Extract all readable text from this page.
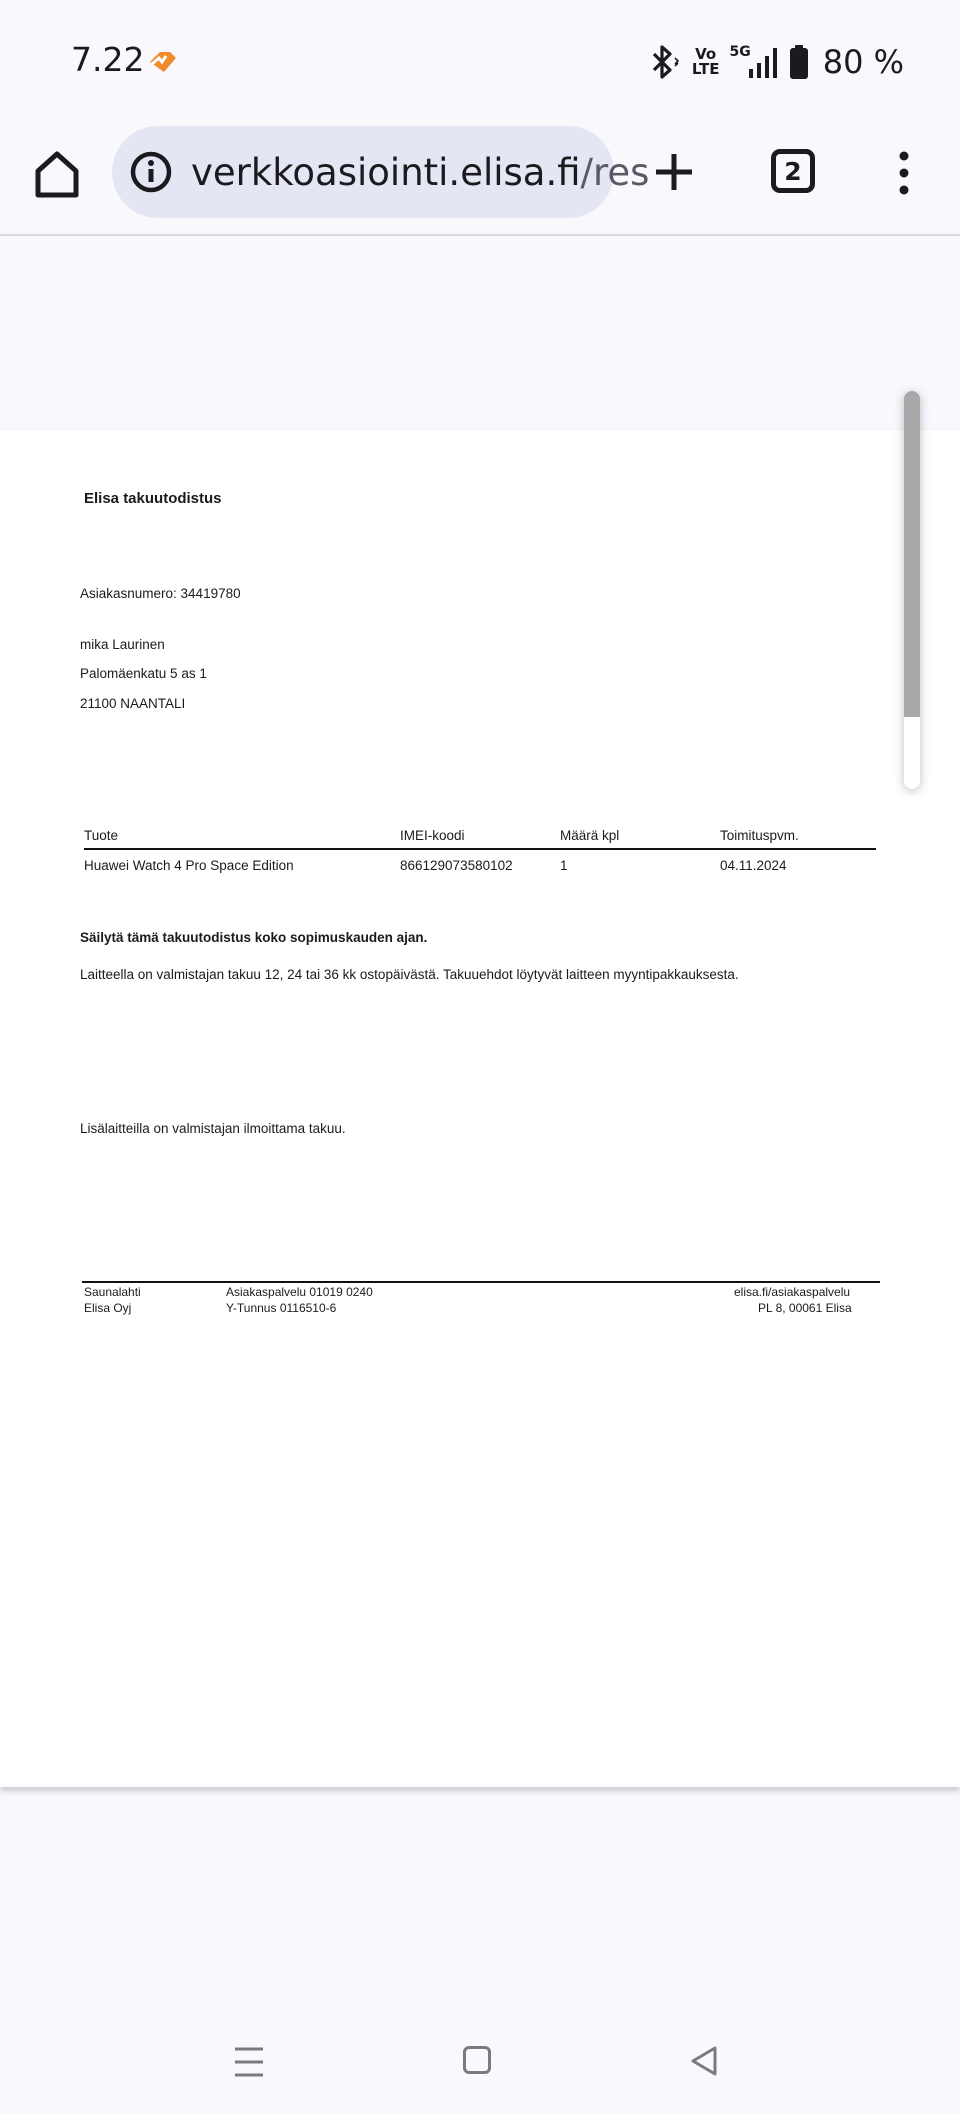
7.22	Vo
LTE
5G 80 %
verkkoasiointi.elisa.fi/res	2
Elisa takuutodistus
Asiakasnumero: 34419780
mika Laurinen
Palomäenkatu 5 as 1
21100 NAANTALI
Tuote	IMEI-koodi	Määrä kpl	Toimituspvm.
Huawei Watch 4 Pro Space Edition	866129073580102	1	04.11.2024
Säilytä tämä takuutodistus koko sopimuskauden ajan.
Laitteella on valmistajan takuu 12, 24 tai 36 kk ostopäivästä. Takuuehdot löytyvät laitteen myyntipakkauksesta.
Lisälaitteilla on valmistajan ilmoittama takuu.
Saunalahti
Elisa Oyj
Asiakaspalvelu 01019 0240
Y-Tunnus 0116510-6
elisa.fi/asiakaspalvelu
PL 8, 00061 Elisa
